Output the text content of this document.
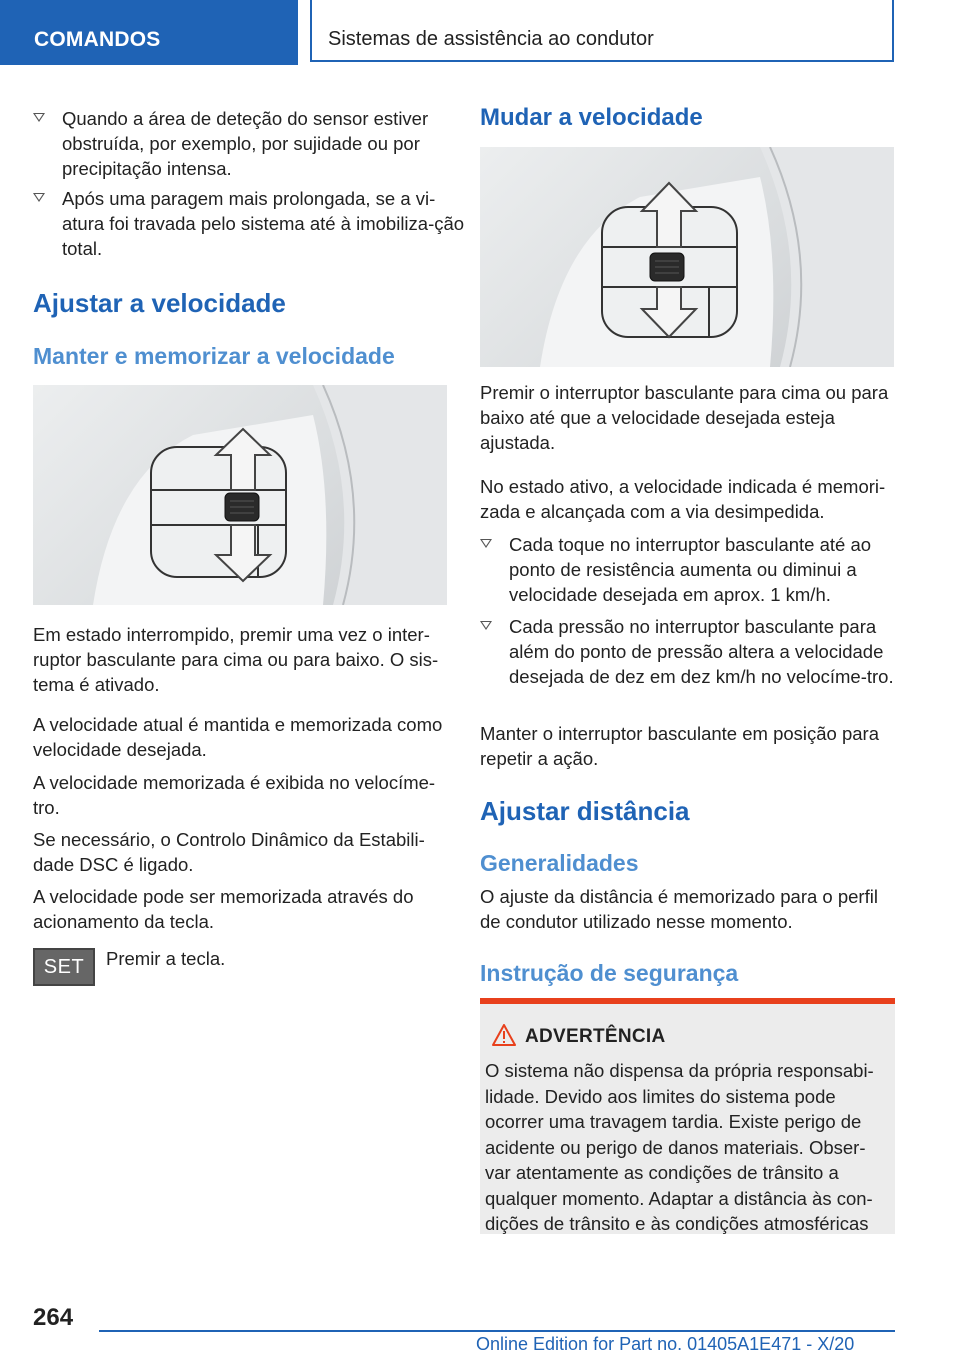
COMANDOS	Sistemas de assistência ao condutor
Quando a área de deteção do sensor estiver obstruída, por exemplo, por sujidade ou por precipitação intensa.
Após uma paragem mais prolongada, se a vi-atura foi travada pelo sistema até à imobiliza-ção total.
Ajustar a velocidade
Manter e memorizar a velocidade

Em estado interrompido, premir uma vez o inter-ruptor basculante para cima ou para baixo. O sis-tema é ativado.

A velocidade atual é mantida e memorizada como velocidade desejada.

A velocidade memorizada é exibida no velocíme-tro.

Se necessário, o Controlo Dinâmico da Estabili-dade DSC é ligado.

A velocidade pode ser memorizada através do acionamento da tecla.

SET	Premir a tecla.

Mudar a velocidade

Premir o interruptor basculante para cima ou para baixo até que a velocidade desejada esteja ajustada.

No estado ativo, a velocidade indicada é memori-zada e alcançada com a via desimpedida.

Cada toque no interruptor basculante até ao ponto de resistência aumenta ou diminui a velocidade desejada em aprox. 1 km/h.
Cada pressão no interruptor basculante para além do ponto de pressão altera a velocidade desejada de dez em dez km/h no velocíme-tro.

Manter o interruptor basculante em posição para repetir a ação.

Ajustar distância
Generalidades

O ajuste da distância é memorizado para o perfil de condutor utilizado nesse momento.

Instrução de segurança
ADVERTÊNCIA

O sistema não dispensa da própria responsabi-lidade. Devido aos limites do sistema pode ocorrer uma travagem tardia. Existe perigo de acidente ou perigo de danos materiais. Obser-var atentamente as condições de trânsito a qualquer momento. Adaptar a distância às con-dições de trânsito e às condições atmosféricas

264
Online Edition for Part no. 01405A1E471 - X/20
